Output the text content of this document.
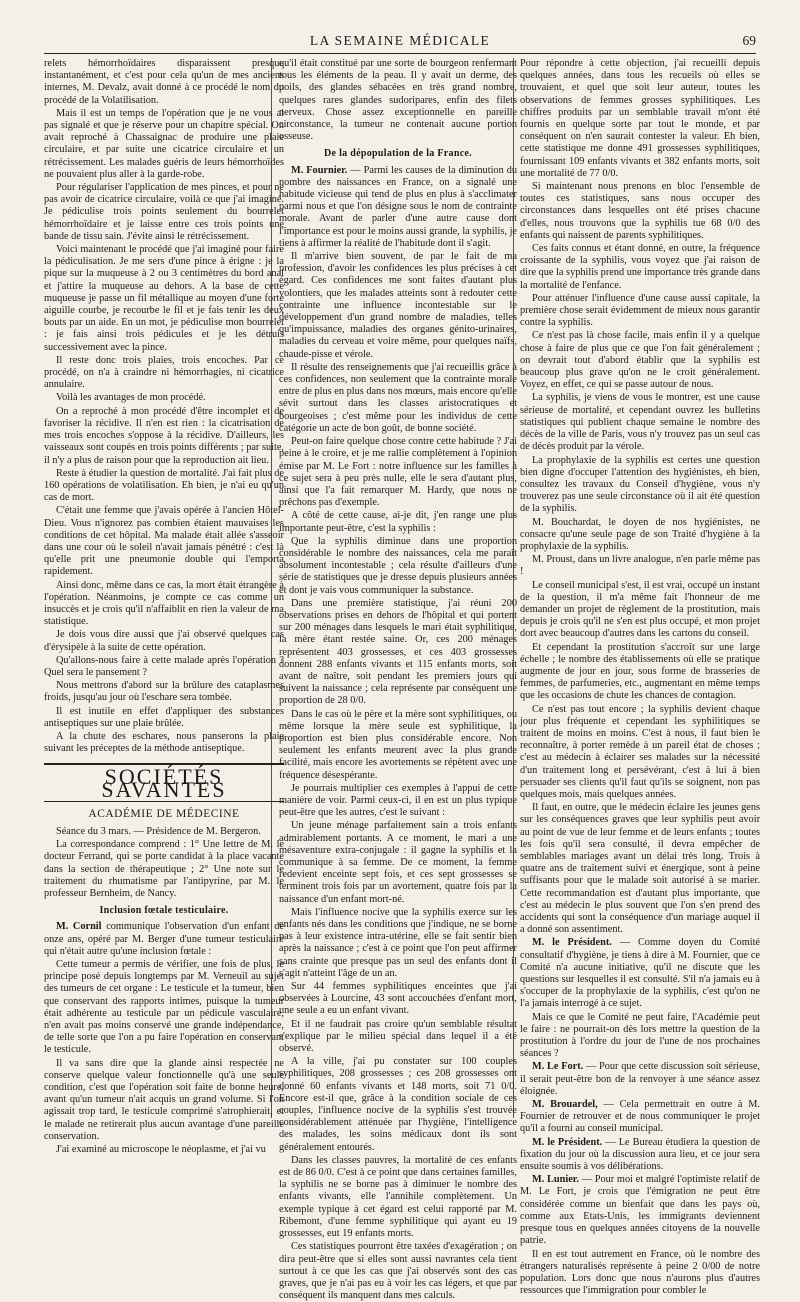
LA SEMAINE MÉDICALE	69

relets hémorrhoïdaires disparaissent presque instantanément, et c'est pour cela qu'un de mes anciens internes, M. Devalz, avait donné à ce procédé le nom du procédé de la Volatilisation.

Mais il est un temps de l'opération que je ne vous ai pas signalé et que je réserve pour un chapitre spécial. On avait reproché à Chassaignac de produire une plaie circulaire, et par suite une cicatrice circulaire et un rétrécissement. Les malades guéris de leurs hémorrhoïdes ne pouvaient plus aller à la garde-robe.

Pour régulariser l'application de mes pinces, et pour ne pas avoir de cicatrice circulaire, voilà ce que j'ai imaginé. Je pédiculise trois points seulement du bourrelet hémorrhoïdaire et je laisse entre ces trois points une bande de tissu sain. J'évite ainsi le rétrécissement.

Voici maintenant le procédé que j'ai imaginé pour faire la pédiculisation. Je me sers d'une pince à érigne : je la pique sur la muqueuse à 2 ou 3 centimètres du bord anal et j'attire la muqueuse au dehors. A la base de cette muqueuse je passe un fil métallique au moyen d'une forte aiguille courbe, je recourbe le fil et je fais tenir les deux bouts par un aide. En un mot, je pédiculise mon bourrelet : je fais ainsi trois pédicules et je les détruis successivement avec la pince.

Il reste donc trois plaies, trois encoches. Par ce procédé, on n'a à craindre ni hémorrhagies, ni cicatrice annulaire.

Voilà les avantages de mon procédé.

On a reproché à mon procédé d'être incomplet et de favoriser la récidive. Il n'en est rien : la cicatrisation de mes trois encoches s'oppose à la récidive. D'ailleurs, les vaisseaux sont coupés en trois points différents ; par suite, il n'y a plus de raison pour que la reproduction ait lieu.

Reste à étudier la question de mortalité. J'ai fait plus de 160 opérations de volatilisation. Eh bien, je n'ai eu qu'un cas de mort.

C'était une femme que j'avais opérée à l'ancien Hôtel-Dieu. Vous n'ignorez pas combien étaient mauvaises les conditions de cet hôpital. Ma malade était allée s'asseoir dans une cour où le soleil n'avait jamais pénétré : c'est là qu'elle prit une pneumonie double qui l'emporta rapidement.

Ainsi donc, même dans ce cas, la mort était étrangère à l'opération. Néanmoins, je compte ce cas comme un insuccès et je crois qu'il n'affaiblit en rien la valeur de ma statistique.

Je dois vous dire aussi que j'ai observé quelques cas d'érysipèle à la suite de cette opération.

Qu'allons-nous faire à cette malade après l'opération ? Quel sera le pansement ?

Nous mettrons d'abord sur la brûlure des cataplasmes froids, jusqu'au jour où l'eschare sera tombée.

Il est inutile en effet d'appliquer des substances antiseptiques sur une plaie brûlée.

A la chute des eschares, nous panserons la plaie suivant les préceptes de la méthode antiseptique.

SOCIÉTÉS SAVANTES
ACADÉMIE DE MÉDECINE

Séance du 3 mars. — Présidence de M. Bergeron.

La correspondance comprend : 1° Une lettre de M. le docteur Ferrand, qui se porte candidat à la place vacante dans la section de thérapeutique ; 2° Une note sur le traitement du rhumatisme par l'antipyrine, par M. le professeur Bernheim, de Nancy.

Inclusion fœtale testiculaire.

M. Cornil communique l'observation d'un enfant de onze ans, opéré par M. Berger d'une tumeur testiculaire qui n'était autre qu'une inclusion fœtale :

Cette tumeur a permis de vérifier, une fois de plus, le principe posé depuis longtemps par M. Verneuil au sujet des tumeurs de cet organe : Le testicule et la tumeur, bien que conservant des rapports intimes, puisque la tumeur était adhérente au testicule par un pédicule vasculaire, n'en avait pas moins conservé une grande indépendance, de telle sorte que l'on a pu faire l'opération en conservant le testicule.

Il va sans dire que la glande ainsi respectée ne conserve quelque valeur fonctionnelle qu'à une seule condition, c'est que l'opération soit faite de bonne heure, avant qu'un tumeur n'ait acquis un grand volume. Si l'on agissait trop tard, le testicule comprimé s'atrophierait, et le malade ne retirerait plus aucun avantage d'une pareille conservation.

J'ai examiné au microscope le néoplasme, et j'ai vu

qu'il était constitué par une sorte de bourgeon renfermant tous les éléments de la peau. Il y avait un derme, des poils, des glandes sébacées en très grand nombre, quelques rares glandes sudoripares, enfin des filets nerveux. Chose assez exceptionnelle en pareille circonstance, la tumeur ne contenait aucune portion osseuse.

De la dépopulation de la France.

M. Fournier. — Parmi les causes de la diminution du nombre des naissances en France, on a signalé une habitude vicieuse qui tend de plus en plus à s'acclimater parmi nous et que l'on désigne sous le nom de contrainte morale. Avant de parler d'une autre cause dont l'importance est pour le moins aussi grande, la syphilis, je tiens à affirmer la réalité de l'habitude dont il s'agit.

Il m'arrive bien souvent, de par le fait de ma profession, d'avoir les confidences les plus précises à cet égard. Ces confidences me sont faites d'autant plus volontiers, que les malades atteints sont à redouter cette contrainte une influence incontestable sur le développement d'un grand nombre de maladies, telles qu'impuissance, maladies des organes génito-urinaires, maladies du cerveau et voire même, pour quelques naïfs, chaude-pisse et vérole.

Il résulte des renseignements que j'ai recueillis grâce à ces confidences, non seulement que la contrainte morale entre de plus en plus dans nos mœurs, mais encore qu'elle sévit surtout dans les classes aristocratiques et bourgeoises ; c'est même pour les individus de cette catégorie un acte de bon goût, de bonne société.

Peut-on faire quelque chose contre cette habitude ? J'ai peine à le croire, et je me rallie complètement à l'opinion émise par M. Le Fort : notre influence sur les familles à ce sujet sera à peu près nulle, elle le sera d'autant plus, ainsi que l'a fait remarquer M. Hardy, que nous ne prêchons pas d'exemple.

A côté de cette cause, ai-je dit, j'en range une plus importante peut-être, c'est la syphilis :

Que la syphilis diminue dans une proportion considérable le nombre des naissances, cela me paraît absolument incontestable ; cela résulte d'ailleurs d'une série de statistiques que je dresse depuis plusieurs années et dont je vais vous communiquer la substance.

Dans une première statistique, j'ai réuni 200 observations prises en dehors de l'hôpital et qui portent sur 200 ménages dans lesquels le mari était syphilitique, la mère étant restée saine. Or, ces 200 ménages représentent 403 grossesses, et ces 403 grossesses donnent 288 enfants vivants et 115 enfants morts, soit avant de naître, soit pendant les premiers jours qui suivent la naissance ; cela représente par conséquent une proportion de 28 0/0.

Dans le cas où le père et la mère sont syphilitiques, ou même lorsque la mère seule est syphilitique, la proportion est bien plus considérable encore. Non seulement les enfants meurent avec la plus grande facilité, mais encore les avortements se répètent avec une fréquence désespérante.

Je pourrais multiplier ces exemples à l'appui de cette manière de voir. Parmi ceux-ci, il en est un plus typique peut-être que les autres, c'est le suivant :

Un jeune ménage parfaitement sain a trois enfants admirablement portants. A ce moment, le mari a une mésaventure extra-conjugale : il gagne la syphilis et la communique à sa femme. De ce moment, la femme redevient enceinte sept fois, et ces sept grossesses se terminent trois fois par un avortement, quatre fois par la naissance d'un enfant mort-né.

Mais l'influence nocive que la syphilis exerce sur les enfants nés dans les conditions que j'indique, ne se borne pas à leur existence intra-utérine, elle se fait sentir bien après la naissance ; c'est à ce point que l'on peut affirmer sans crainte que presque pas un seul des enfants dont il s'agit n'atteint l'âge de un an.

Sur 44 femmes syphilitiques enceintes que j'ai observées à Lourcine, 43 sont accouchées d'enfant mort, une seule a eu un enfant vivant.

Et il ne faudrait pas croire qu'un semblable résultat s'explique par le milieu spécial dans lequel il a été observé.

A la ville, j'ai pu constater sur 100 couples syphilitiques, 208 grossesses ; ces 208 grossesses ont donné 60 enfants vivants et 148 morts, soit 71 0/0. Encore est-il que, grâce à la condition sociale de ces couples, l'influence nocive de la syphilis s'est trouvée considérablement atténuée par l'hygiène, l'intelligence des malades, les soins médicaux dont ils sont généralement entourés.

Dans les classes pauvres, la mortalité de ces enfants est de 86 0/0. C'est à ce point que dans certaines familles, la syphilis ne se borne pas à diminuer le nombre des enfants vivants, elle l'annihile complètement. Un exemple typique à cet égard est celui rapporté par M. Ribemont, d'une femme syphilitique qui ayant eu 19 grossesses, eut 19 enfants morts.

Ces statistiques pourront être taxées d'exagération ; on dira peut-être que si elles sont aussi navrantes cela tient surtout à ce que les cas que j'ai observés sont des cas graves, que je n'ai pas eu à voir les cas légers, et que par conséquent ils manquent dans mes calculs.

Pour répondre à cette objection, j'ai recueilli depuis quelques années, dans tous les recueils où elles se trouvaient, et quel que soit leur auteur, toutes les observations de femmes grosses syphilitiques. Les chiffres produits par un semblable travail m'ont été fournis en quelque sorte par tout le monde, et par conséquent on n'en saurait contester la valeur. Eh bien, cette statistique me donne 491 grossesses syphilitiques, fournissant 109 enfants vivants et 382 enfants morts, soit une mortalité de 77 0/0.

Si maintenant nous prenons en bloc l'ensemble de toutes ces statistiques, sans nous occuper des circonstances dans lesquelles ont été prises chacune d'elles, nous trouvons que la syphilis tue 68 0/0 des enfants qui naissent de parents syphilitiques.

Ces faits connus et étant donné, en outre, la fréquence croissante de la syphilis, vous voyez que j'ai raison de dire que la syphilis prend une importance très grande dans la mortalité de l'enfance.

Pour atténuer l'influence d'une cause aussi capitale, la première chose serait évidemment de mieux nous garantir contre la syphilis.

Ce n'est pas là chose facile, mais enfin il y a quelque chose à faire de plus que ce que l'on fait généralement ; on devrait tout d'abord établir que la syphilis est beaucoup plus grave qu'on ne le croit généralement. Voyez, en effet, ce qui se passe autour de nous.

La syphilis, je viens de vous le montrer, est une cause sérieuse de mortalité, et cependant ouvrez les bulletins statistiques qui publient chaque semaine le nombre des décès de la ville de Paris, vous n'y trouvez pas un seul cas de décès produit par la vérole.

La prophylaxie de la syphilis est certes une question bien digne d'occuper l'attention des hygiénistes, eh bien, consultez les travaux du Conseil d'hygiène, vous n'y trouverez pas une seule circonstance où il ait été question de la syphilis.

M. Bouchardat, le doyen de nos hygiénistes, ne consacre qu'une seule page de son Traité d'hygiène à la prophylaxie de la syphilis.

M. Proust, dans un livre analogue, n'en parle même pas !

Le conseil municipal s'est, il est vrai, occupé un instant de la question, il m'a même fait l'honneur de me demander un projet de règlement de la prostitution, mais depuis je crois qu'il ne s'en est plus occupé, et mon projet dort avec beaucoup d'autres dans les cartons du conseil.

Et cependant la prostitution s'accroît sur une large échelle ; le nombre des établissements où elle se pratique augmente de jour en jour, sous forme de brasseries de femmes, de parfumeries, etc., augmentant en même temps que les occasions de chute les chances de contagion.

Ce n'est pas tout encore ; la syphilis devient chaque jour plus fréquente et cependant les syphilitiques se traitent de moins en moins. C'est à nous, il faut bien le reconnaître, à porter remède à un pareil état de choses ; c'est au médecin à éclairer ses malades sur la nécessité d'un traitement long et persévérant, c'est à lui à bien persuader ses clients qu'il faut qu'ils se soignent, non pas quelques mois, mais quelques années.

Il faut, en outre, que le médecin éclaire les jeunes gens sur les conséquences graves que leur syphilis peut avoir au point de vue de leur femme et de leurs enfants ; toutes les fois qu'il sera consulté, il devra empêcher de semblables mariages avant un délai très long. Trois à quatre ans de traitement suivi et énergique, sont à peine suffisants pour que le malade soit autorisé à se marier. Cette recommandation est d'autant plus importante, que c'est au médecin le plus souvent que l'on s'en prend des accidents qui sont la conséquence d'un mariage auquel il a donné son assentiment.

M. le Président. — Comme doyen du Comité consultatif d'hygiène, je tiens à dire à M. Fournier, que ce Comité n'a aucune initiative, qu'il ne discute que les questions sur lesquelles il est consulté. S'il n'a jamais eu à s'occuper de la prophylaxie de la syphilis, c'est qu'on ne l'a jamais interrogé à ce sujet.

Mais ce que le Comité ne peut faire, l'Académie peut le faire : ne pourrait-on dès lors mettre la question de la prostitution à l'ordre du jour de l'une de nos prochaines séances ?

M. Le Fort. — Pour que cette discussion soit sérieuse, il serait peut-être bon de la renvoyer à une séance assez éloignée.

M. Brouardel, — Cela permettrait en outre à M. Fournier de retrouver et de nous communiquer le projet qu'il a fourni au conseil municipal.

M. le Président. — Le Bureau étudiera la question de fixation du jour où la discussion aura lieu, et ce jour sera ensuite soumis à vos délibérations.

M. Lunier. — Pour moi et malgré l'optimiste relatif de M. Le Fort, je crois que l'émigration ne peut être considérée comme un bienfait que dans les pays où, comme aux Etats-Unis, les immigrants deviennent presque tous en quelques années citoyens de la nouvelle patrie.

Il en est tout autrement en France, où le nombre des étrangers naturalisés représente à peine 2 0/00 de notre population. Lors donc que nous n'aurons plus d'autres ressources que l'immigration pour combler le
